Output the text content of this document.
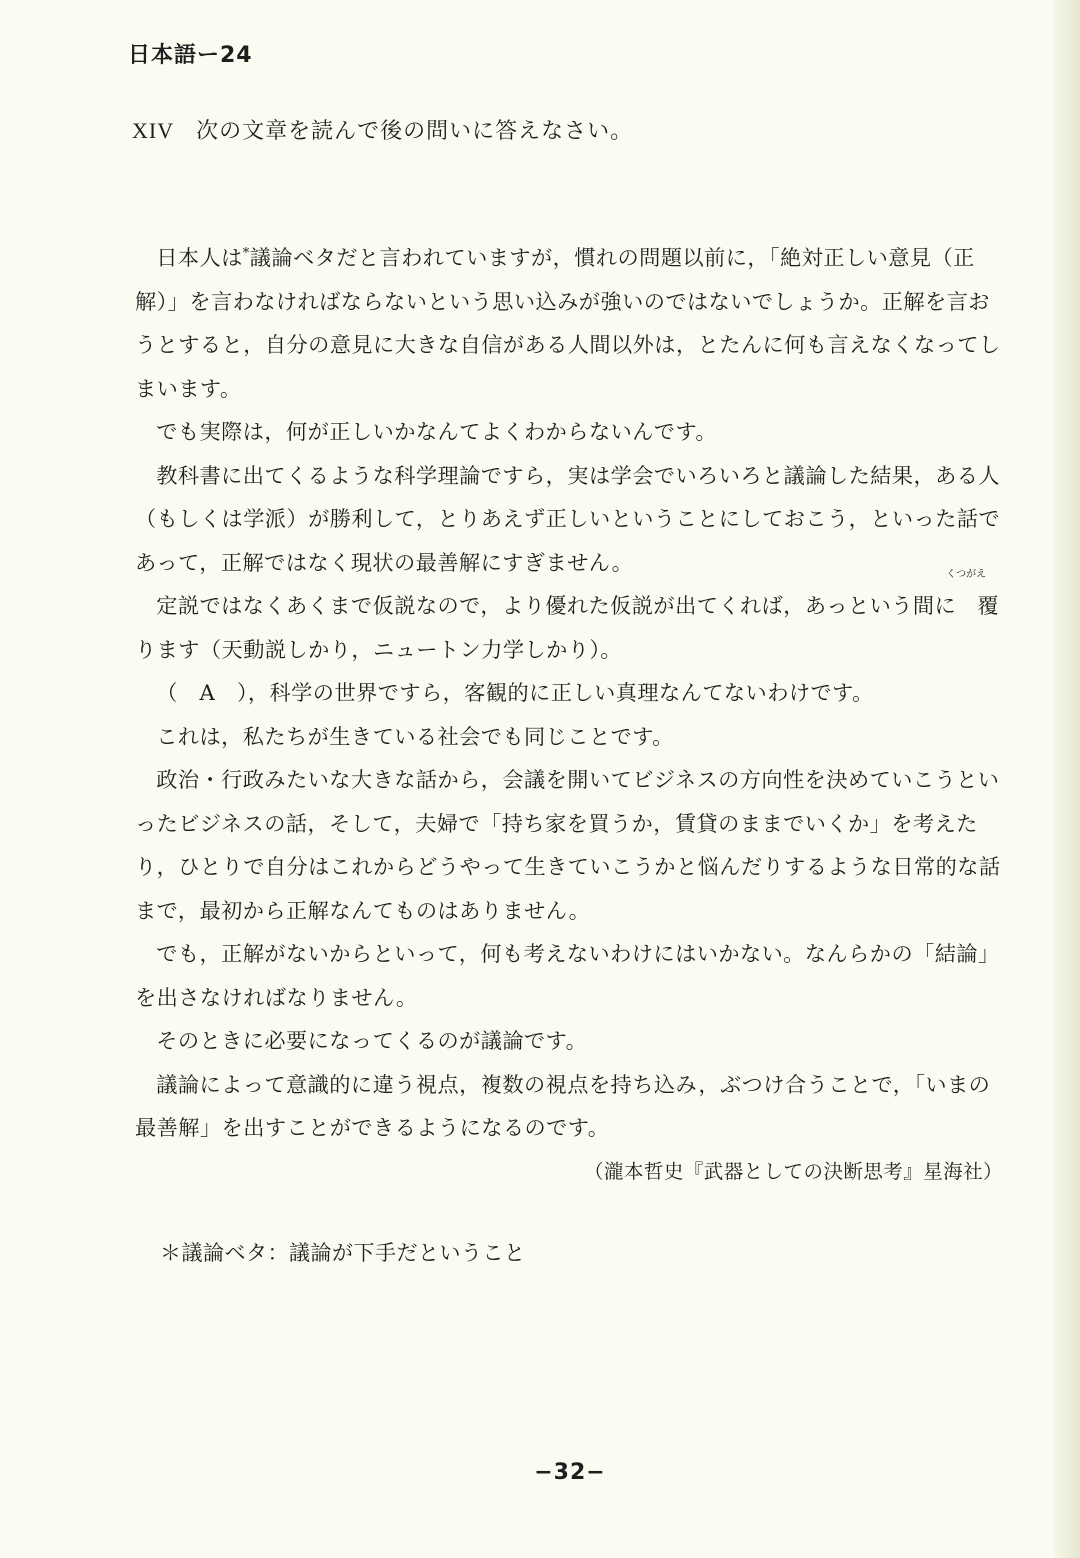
日本語ー24
XIV 次の文章を読んで後の問いに答えなさい。

日本人は*議論ベタだと言われていますが，慣れの問題以前に，「絶対正しい意見（正解）」を言わなければならないという思い込みが強いのではないでしょうか。正解を言おうとすると，自分の意見に大きな自信がある人間以外は，とたんに何も言えなくなってしまいます。

でも実際は，何が正しいかなんてよくわからないんです。

教科書に出てくるような科学理論ですら，実は学会でいろいろと議論した結果，ある人（もしくは学派）が勝利して，とりあえず正しいということにしておこう，といった話であって，正解ではなく現状の最善解にすぎません。

定説ではなくあくまで仮説なので，より優れた仮説が出てくれば，あっという間に
くつがえ
覆ります（天動説しかり，ニュートン力学しかり）。

（　A　），科学の世界ですら，客観的に正しい真理なんてないわけです。

これは，私たちが生きている社会でも同じことです。

政治・行政みたいな大きな話から，会議を開いてビジネスの方向性を決めていこうといったビジネスの話，そして，夫婦で「持ち家を買うか，賃貸のままでいくか」を考えたり，ひとりで自分はこれからどうやって生きていこうかと悩んだりするような日常的な話まで，最初から正解なんてものはありません。

でも，正解がないからといって，何も考えないわけにはいかない。なんらかの「結論」を出さなければなりません。

そのときに必要になってくるのが議論です。

議論によって意識的に違う視点，複数の視点を持ち込み，ぶつけ合うことで，「いまの最善解」を出すことができるようになるのです。

（瀧本哲史『武器としての決断思考』星海社）

＊議論ベタ：議論が下手だということ
−32−
